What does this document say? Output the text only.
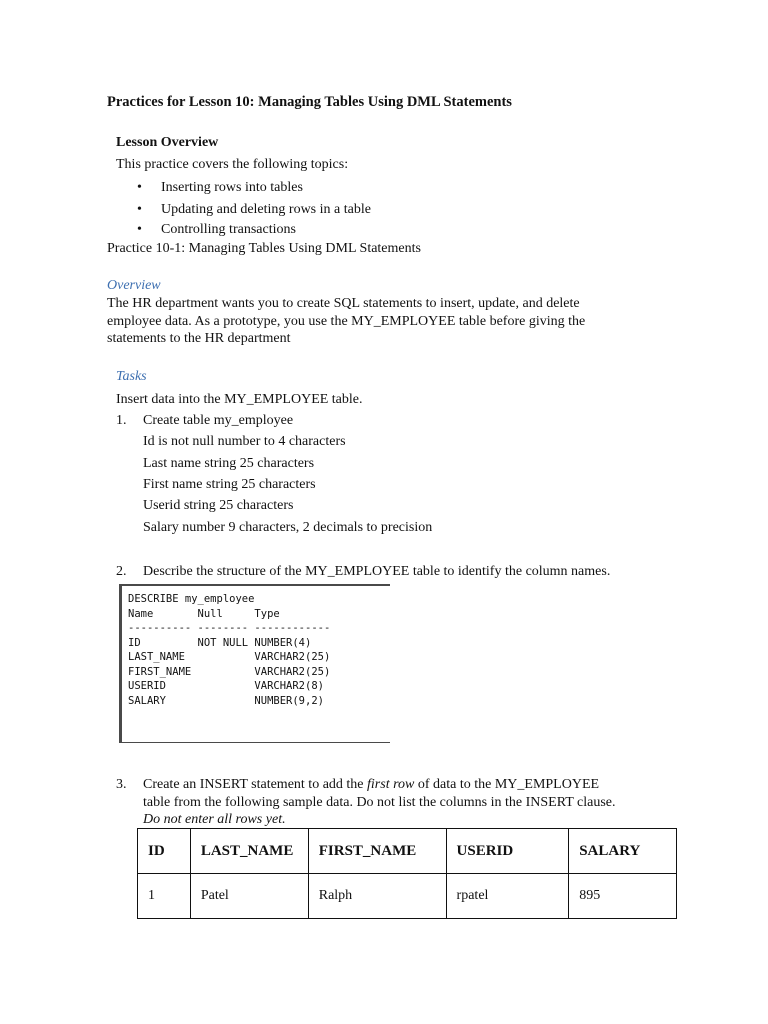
Practices for Lesson 10: Managing Tables Using DML Statements
Lesson Overview
This practice covers the following topics:
• Inserting rows into tables
• Updating and deleting rows in a table
• Controlling transactions
Practice 10-1: Managing Tables Using DML Statements
Overview
The HR department wants you to create SQL statements to insert, update, and delete
employee data. As a prototype, you use the MY_EMPLOYEE table before giving the
statements to the HR department
Tasks
Insert data into the MY_EMPLOYEE table.
1. Create table my_employee
Id is not null number to 4 characters
Last name string 25 characters
First name string 25 characters
Userid string 25 characters
Salary number 9 characters, 2 decimals to precision
2. Describe the structure of the MY_EMPLOYEE table to identify the column names.
DESCRIBE my_employee
Name       Null     Type
---------- -------- ------------
ID         NOT NULL NUMBER(4)
LAST_NAME           VARCHAR2(25)
FIRST_NAME          VARCHAR2(25)
USERID              VARCHAR2(8)
SALARY              NUMBER(9,2)
3. Create an INSERT statement to add the first row of data to the MY_EMPLOYEE
table from the following sample data. Do not list the columns in the INSERT clause.
Do not enter all rows yet.
ID	LAST_NAME	FIRST_NAME	USERID	SALARY
1	Patel	Ralph	rpatel	895
